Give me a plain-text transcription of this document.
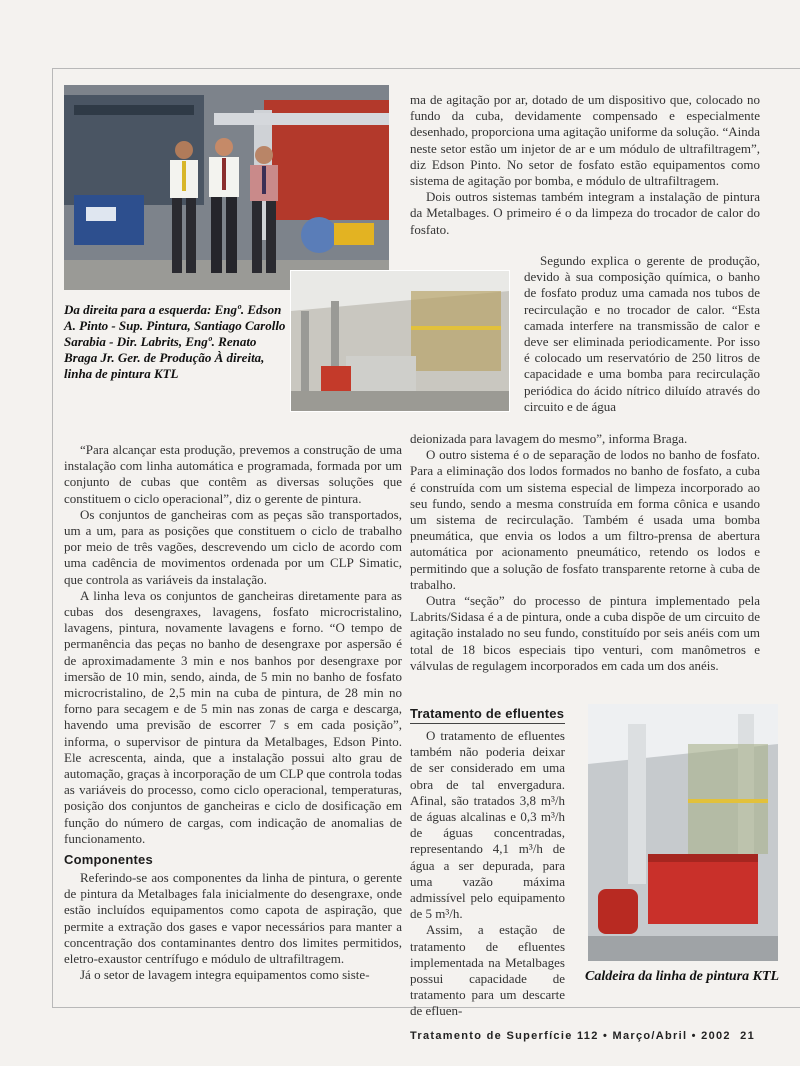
Da direita para a esquerda: Engº. Edson A. Pinto - Sup. Pintura, Santiago Carollo Sarabia - Dir. Labrits, Engº. Renato Braga Jr. Ger. de Produção À direita, linha de pintura KTL
Caldeira da linha de pintura KTL

“Para alcançar esta produção, prevemos a construção de uma instalação com linha automática e programada, formada por um conjunto de cubas que contêm as diversas soluções que constituem o ciclo operacional”, diz o gerente de pintura.

Os conjuntos de gancheiras com as peças são transportados, um a um, para as posições que constituem o ciclo de trabalho por meio de três vagões, descrevendo um ciclo de acordo com uma cadência de movimentos ordenada por um CLP Simatic, que controla as variáveis da instalação.

A linha leva os conjuntos de gancheiras diretamente para as cubas dos desengraxes, lavagens, fosfato microcristalino, lavagens, pintura, novamente lavagens e forno. “O tempo de permanência das peças no banho de desengraxe por aspersão é de aproximadamente 3 min e nos banhos por desengraxe por imersão de 10 min, sendo, ainda, de 5 min no banho de fosfato microcristalino, de 2,5 min na cuba de pintura, de 28 min no forno para secagem e de 5 min nas zonas de carga e descarga, havendo uma previsão de escorrer 7 s em cada posição”, informa, o supervisor de pintura da Metalbages, Edson Pinto. Ele acrescenta, ainda, que a instalação possui alto grau de automação, graças à incorporação de um CLP que controla todas as variáveis do processo, como ciclo operacional, temperaturas, posição dos conjuntos de gancheiras e ciclo de dosificação em função do número de cargas, com indicação de anomalias de funcionamento.

Componentes

Referindo-se aos componentes da linha de pintura, o gerente de pintura da Metalbages fala inicialmente do desengraxe, onde estão incluídos equipamentos como capota de aspiração, que permite a extração dos gases e vapor necessários para manter a concentração dos contaminantes dentro dos limites permitidos, eletro-exaustor centrífugo e módulo de ultrafiltragem.

Já o setor de lavagem integra equipamentos como siste-

ma de agitação por ar, dotado de um dispositivo que, colocado no fundo da cuba, devidamente compensado e especialmente desenhado, proporciona uma agitação uniforme da solução. “Ainda neste setor estão um injetor de ar e um módulo de ultrafiltragem”, diz Edson Pinto. No setor de fosfato estão equipamentos como sistema de agitação por bomba, e módulo de ultrafiltragem.

Dois outros sistemas também integram a instalação de pintura da Metalbages. O primeiro é o da limpeza do trocador de calor do fosfato.

Segundo explica o gerente de produção, devido à sua composição química, o banho de fosfato produz uma camada nos tubos de recirculação e no trocador de calor. “Esta camada interfere na transmissão de calor e deve ser eliminada periodicamente. Por isso é colocado um reservatório de 250 litros de capacidade e uma bomba para recirculação periódica do ácido nítrico diluído através do circuito e de água

deionizada para lavagem do mesmo”, informa Braga.

O outro sistema é o de separação de lodos no banho de fosfato. Para a eliminação dos lodos formados no banho de fosfato, a cuba é construída com um sistema especial de limpeza incorporado ao seu fundo, sendo a mesma construída em forma cônica e usando um sistema de recirculação. Também é usada uma bomba pneumática, que envia os lodos a um filtro-prensa de abertura automática por acionamento pneumático, retendo os lodos e permitindo que a solução de fosfato transparente retorne à cuba de trabalho.

Outra “seção” do processo de pintura implementado pela Labrits/Sidasa é a de pintura, onde a cuba dispõe de um circuito de agitação instalado no seu fundo, constituído por seis anéis com um total de 18 bicos especiais tipo venturi, com manômetros e válvulas de regulagem incorporados em cada um dos anéis.

Tratamento de efluentes

O tratamento de efluentes também não poderia deixar de ser considerado em uma obra de tal envergadura. Afinal, são tratados 3,8 m³/h de águas alcalinas e 0,3 m³/h de águas concentradas, representando 4,1 m³/h de água a ser depurada, para uma vazão máxima admissível pelo equipamento de 5 m³/h.

Assim, a estação de tratamento de efluentes implementada na Metalbages possui capacidade de tratamento para um descarte de efluen-

Tratamento de Superfície 112 • Março/Abril • 2002 21
